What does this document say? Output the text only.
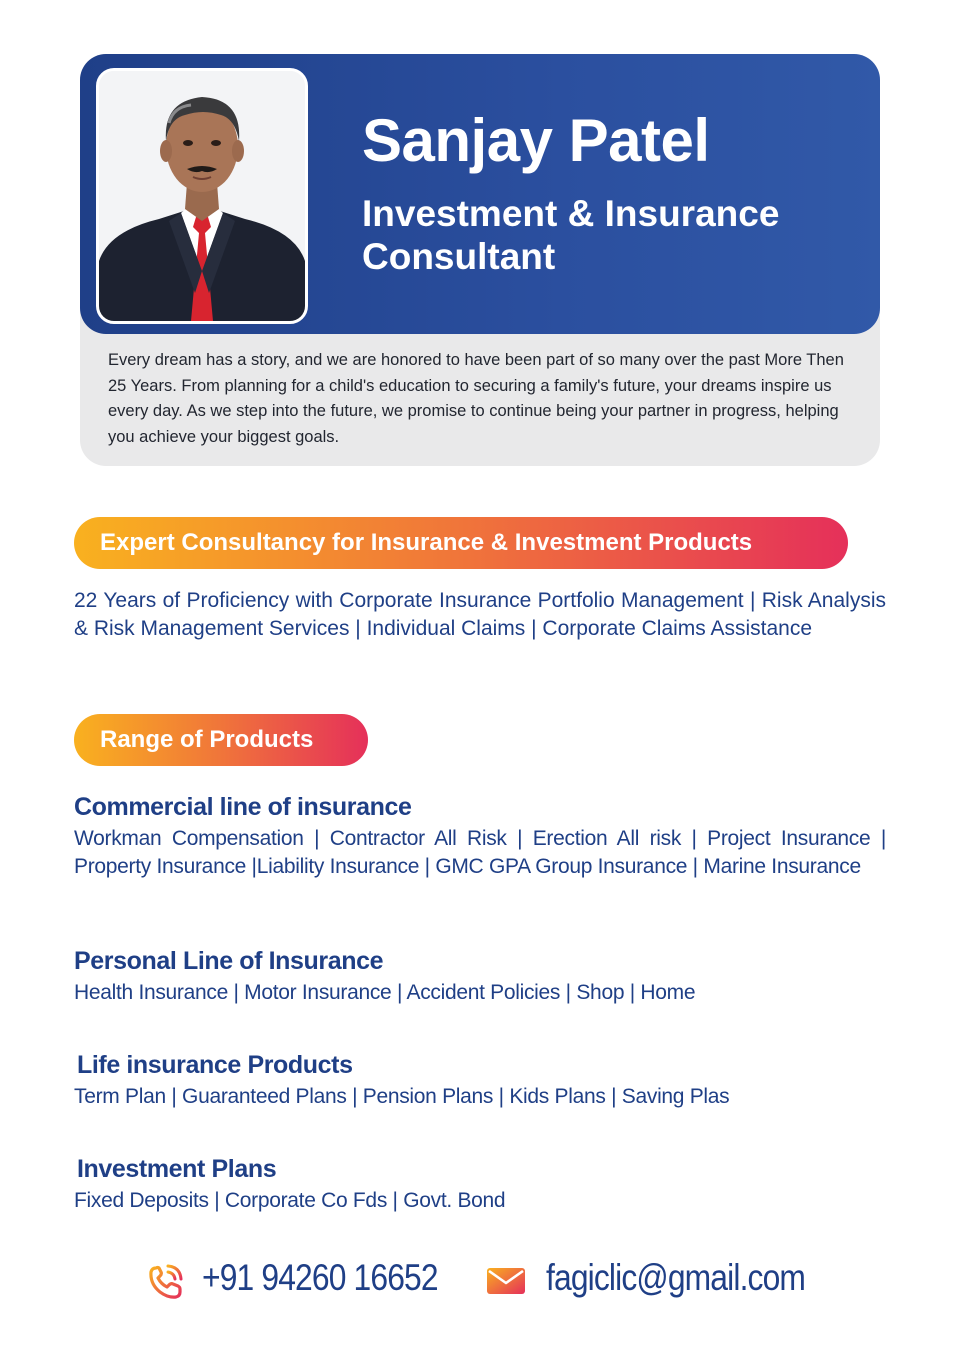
Sanjay Patel
Investment & Insurance Consultant
Every dream has a story, and we are honored to have been part of so many over the past More Then 25 Years. From planning for a child's education to securing a family's future, your dreams inspire us every day. As we step into the future, we promise to continue being your partner in progress, helping you achieve your biggest goals.
Expert Consultancy for Insurance & Investment Products
22 Years of Proficiency with Corporate Insurance Portfolio Management | Risk Analysis & Risk Management Services | Individual Claims | Corporate Claims Assistance
Range of Products
Commercial line of insurance
Workman Compensation | Contractor All Risk | Erection All risk | Project Insurance | Property Insurance |Liability Insurance | GMC GPA Group Insurance | Marine Insurance
Personal Line of Insurance
Health Insurance | Motor Insurance | Accident Policies | Shop | Home
Life insurance Products
Term Plan | Guaranteed Plans | Pension Plans | Kids Plans | Saving Plas
Investment Plans
Fixed Deposits | Corporate Co Fds | Govt. Bond
+91 94260 16652	fagiclic@gmail.com
